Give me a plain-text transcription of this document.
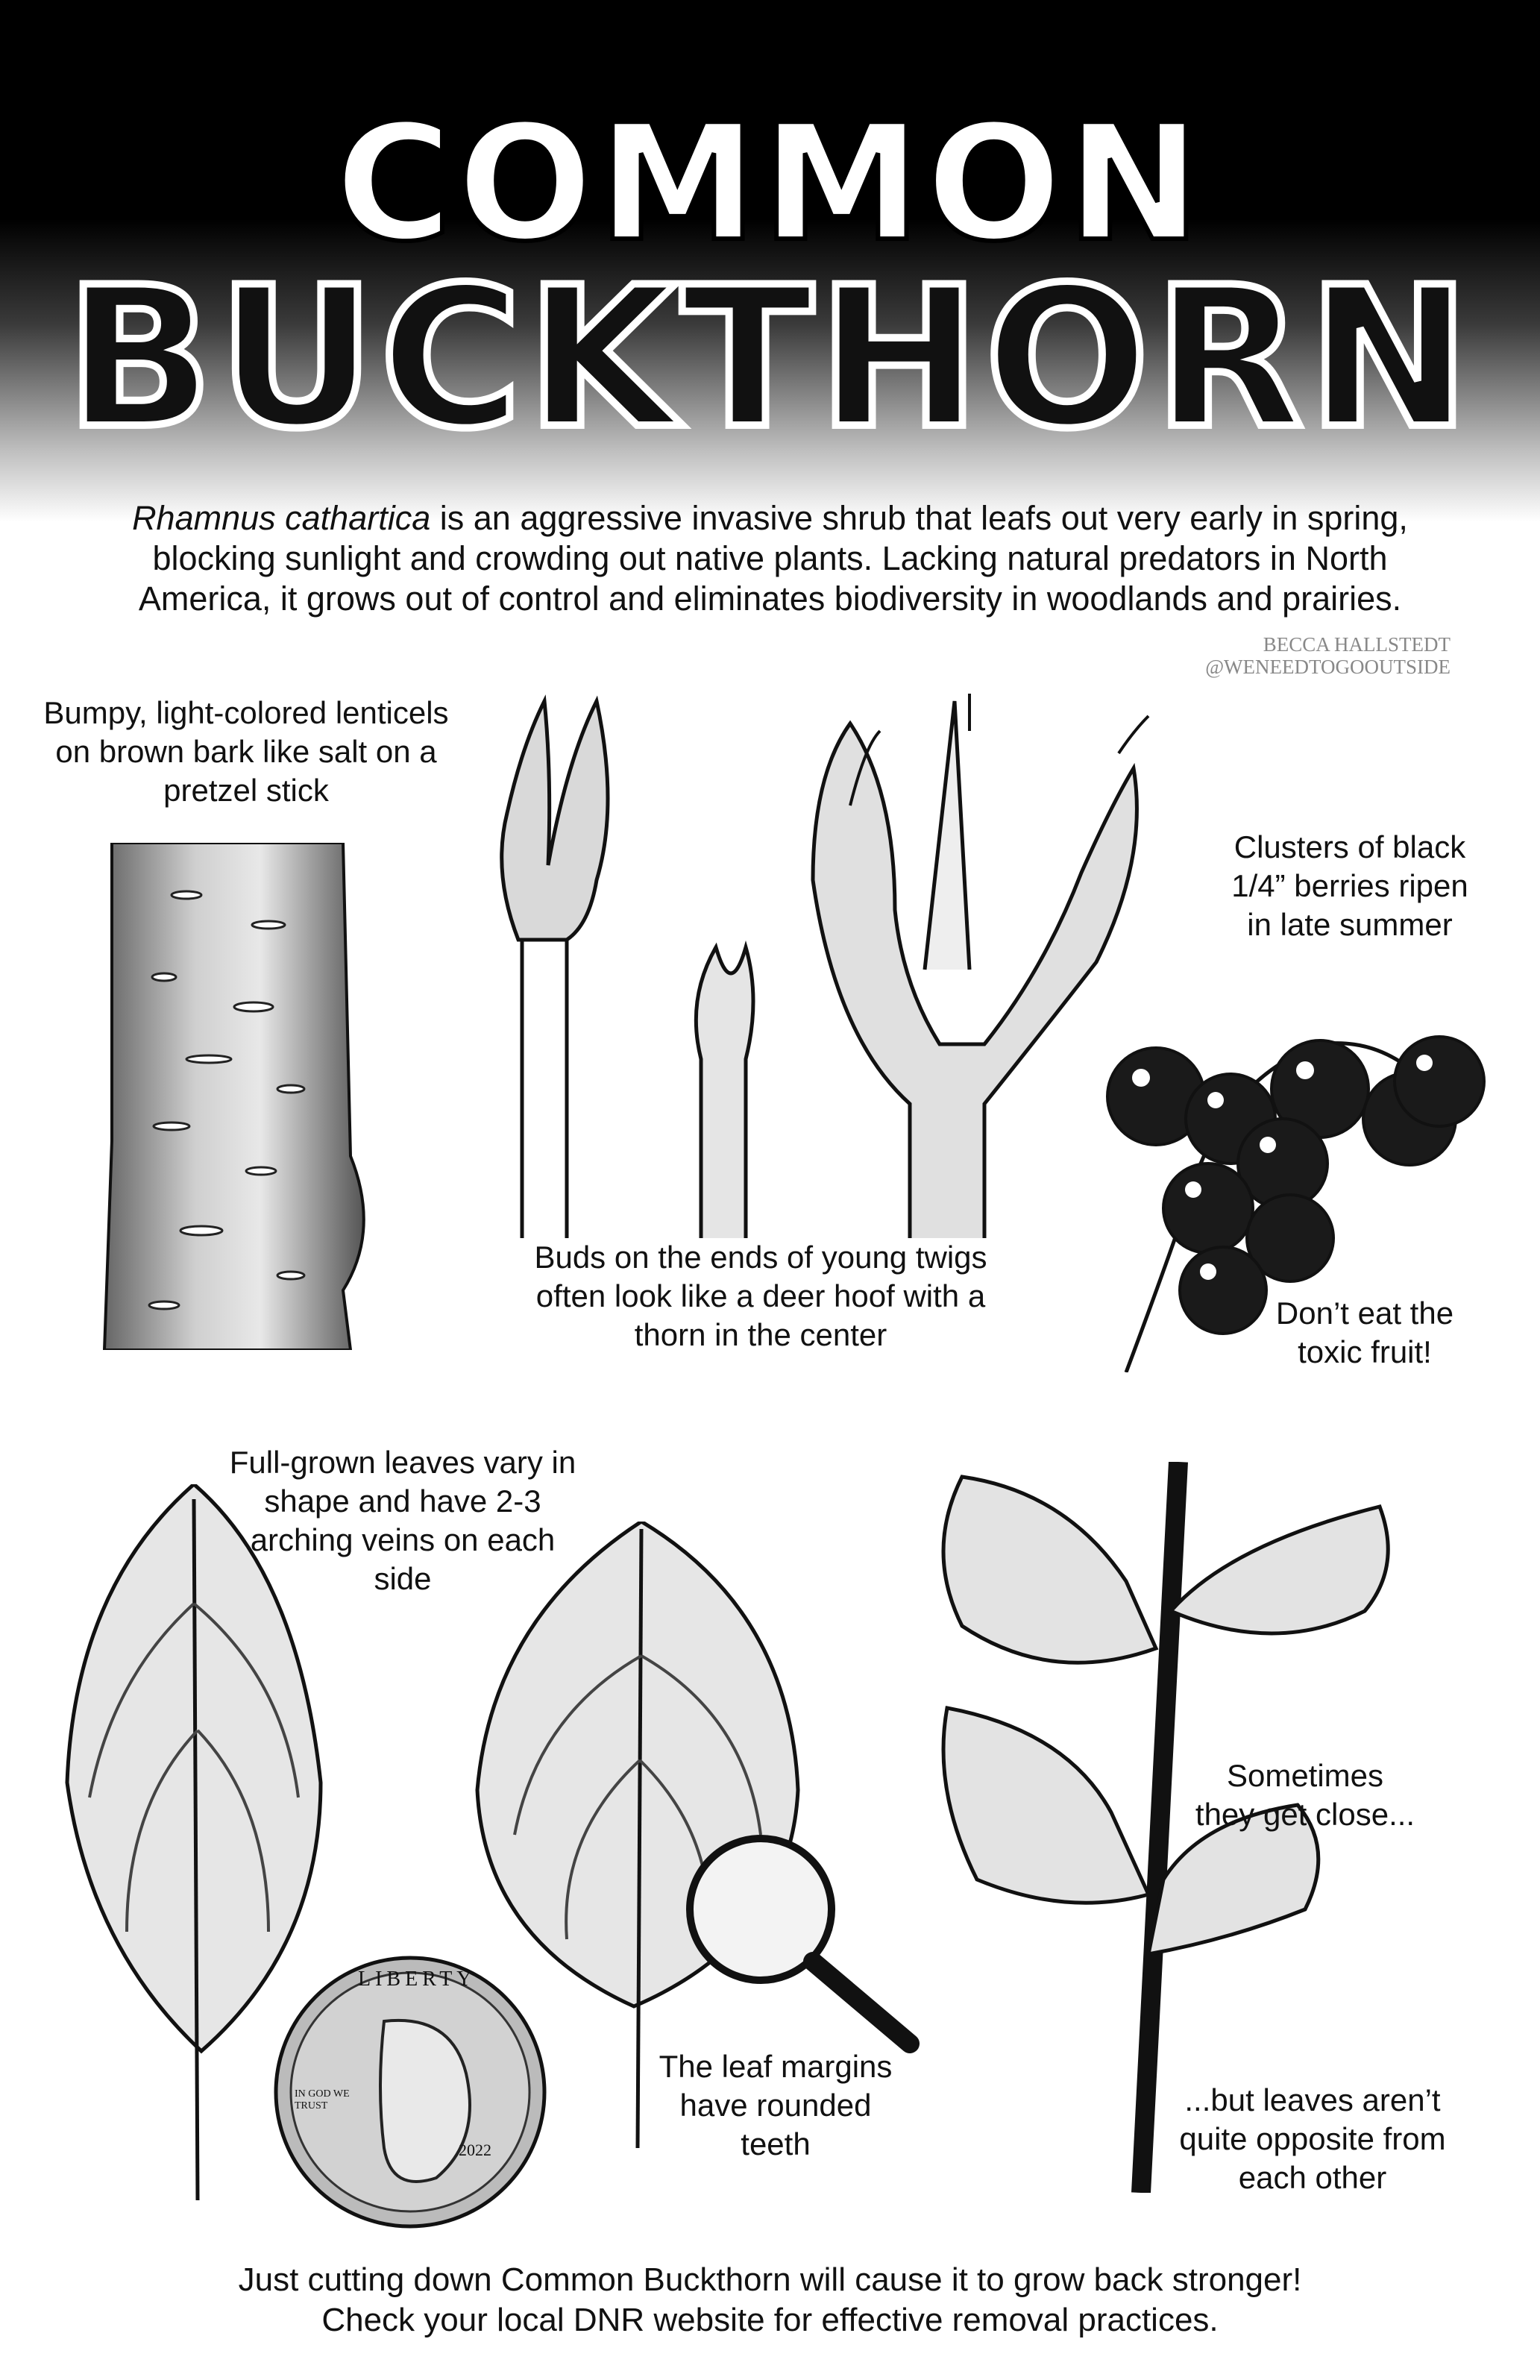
COMMON
BUCKTHORN
Rhamnus cathartica is an aggressive invasive shrub that leafs out very early in spring, blocking sunlight and crowding out native plants. Lacking natural predators in North America, it grows out of control and eliminates biodiversity in woodlands and prairies.
BECCA HALLSTEDT
@WENEEDTOGOOUTSIDE
Bumpy, light-colored lenticels on brown bark like salt on a pretzel stick
Buds on the ends of young twigs often look like a deer hoof with a thorn in the center
Clusters of black 1/4” berries ripen in late summer
Don’t eat the toxic fruit!
Full-grown leaves vary in shape and have 2-3 arching veins on each side
LIBERTY
IN GOD WE TRUST
2022
The leaf margins have rounded teeth
Sometimes they get close...
...but leaves aren’t quite opposite from each other
Just cutting down Common Buckthorn will cause it to grow back stronger!
Check your local DNR website for effective removal practices.
